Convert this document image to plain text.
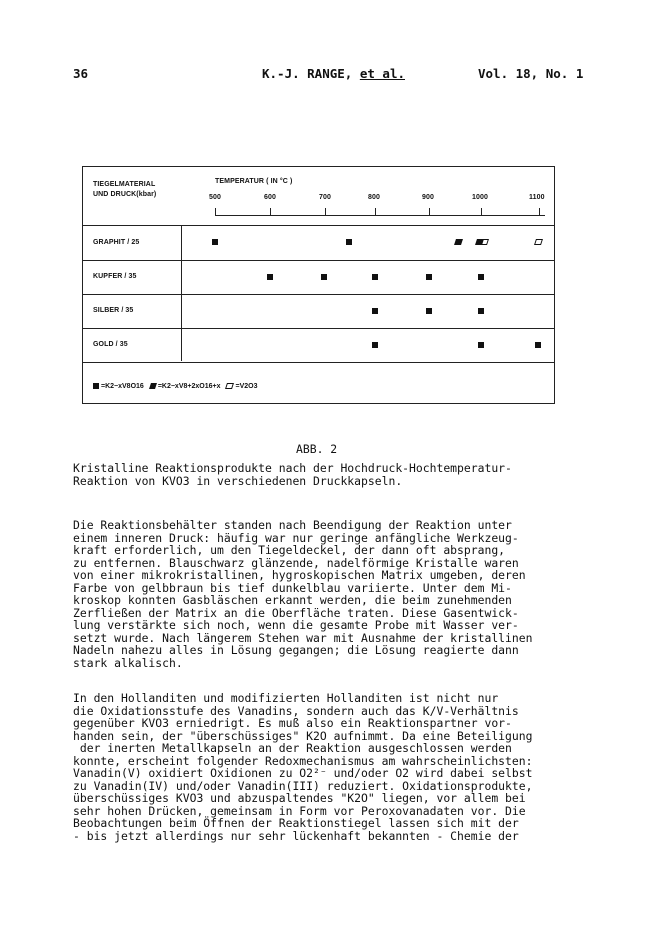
36	K.-J. RANGE, et al.	Vol. 18, No. 1
TIEGELMATERIAL
UND DRUCK(kbar)
TEMPERATUR ( IN °C )
500	600	700	800	900	1000	1100
GRAPHIT / 25
KUPFER / 35
SILBER / 35
GOLD / 35
=K2−xV8O16	=K2−xV8+2xO16+x	=V2O3
ABB. 2
Kristalline Reaktionsprodukte nach der Hochdruck-Hochtemperatur-
Reaktion von KVO3 in verschiedenen Druckkapseln.
Die Reaktionsbehälter standen nach Beendigung der Reaktion unter
einem inneren Druck: häufig war nur geringe anfängliche Werkzeug-
kraft erforderlich, um den Tiegeldeckel, der dann oft absprang,
zu entfernen. Blauschwarz glänzende, nadelförmige Kristalle waren
von einer mikrokristallinen, hygroskopischen Matrix umgeben, deren
Farbe von gelbbraun bis tief dunkelblau variierte. Unter dem Mi-
kroskop konnten Gasbläschen erkannt werden, die beim zunehmenden
Zerfließen der Matrix an die Oberfläche traten. Diese Gasentwick-
lung verstärkte sich noch, wenn die gesamte Probe mit Wasser ver-
setzt wurde. Nach längerem Stehen war mit Ausnahme der kristallinen
Nadeln nahezu alles in Lösung gegangen; die Lösung reagierte dann
stark alkalisch.
In den Hollanditen und modifizierten Hollanditen ist nicht nur
die Oxidationsstufe des Vanadins, sondern auch das K/V-Verhältnis
gegenüber KVO3 erniedrigt. Es muß also ein Reaktionspartner vor-
handen sein, der "überschüssiges" K2O aufnimmt. Da eine Beteiligung
der inerten Metallkapseln an der Reaktion ausgeschlossen werden
konnte, erscheint folgender Redoxmechanismus am wahrscheinlichsten:
Vanadin(V) oxidiert Oxidionen zu O2²⁻ und/oder O2 wird dabei selbst
zu Vanadin(IV) und/oder Vanadin(III) reduziert. Oxidationsprodukte,
überschüssiges KVO3 und abzuspaltendes "K2O" liegen, vor allem bei
sehr hohen Drücken, gemeinsam in Form vor Peroxovanadaten vor. Die
Beobachtungen beim Öffnen der Reaktionstiegel lassen sich mit der
- bis jetzt allerdings nur sehr lückenhaft bekannten - Chemie der
